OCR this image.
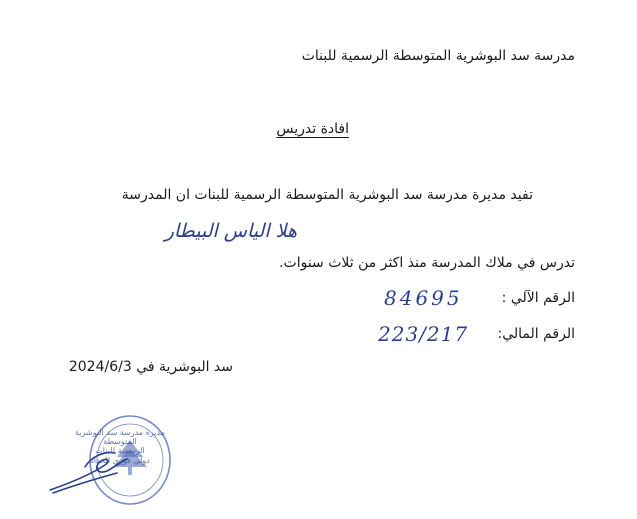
مدرسة سد البوشرية المتوسطة الرسمية للبنات
افادة تدريس
تفيد مديرة مدرسة سد البوشرية المتوسطة الرسمية للبنات ان المدرسة
هلا الياس البيطار
تدرس في ملاك المدرسة منذ اكثر من ثلاث سنوات.
الرقم الآلي :
84695
الرقم المالي:
223/217
سد البوشرية في 2024/6/3
مديرة مدرسة سد البوشرية المتوسطة
الرسمية للبنات
دولي فوزي الحداد
